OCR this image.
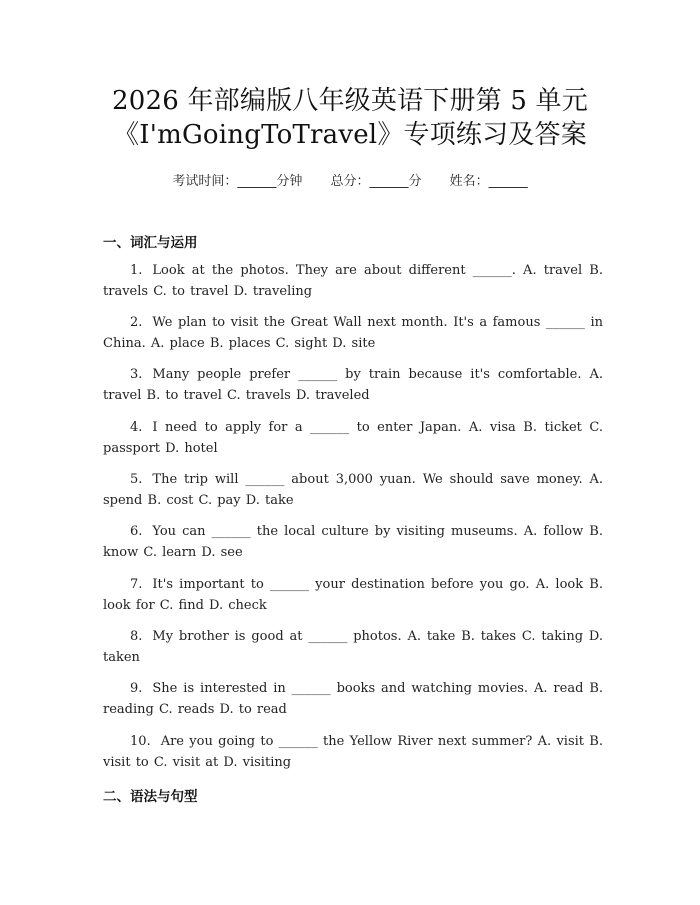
2026 年部编版八年级英语下册第 5 单元
《I'mGoingToTravel》专项练习及答案
考试时间：______分钟 总分：______分 姓名：______
一、词汇与运用
1. Look at the photos. They are about different ______. A. travel B. travels C. to travel D. traveling
2. We plan to visit the Great Wall next month. It's a famous ______ in China. A. place B. places C. sight D. site
3. Many people prefer ______ by train because it's comfortable. A. travel B. to travel C. travels D. traveled
4. I need to apply for a ______ to enter Japan. A. visa B. ticket C. passport D. hotel
5. The trip will ______ about 3,000 yuan. We should save money. A. spend B. cost C. pay D. take
6. You can ______ the local culture by visiting museums. A. follow B. know C. learn D. see
7. It's important to ______ your destination before you go. A. look B. look for C. find D. check
8. My brother is good at ______ photos. A. take B. takes C. taking D. taken
9. She is interested in ______ books and watching movies. A. read B. reading C. reads D. to read
10. Are you going to ______ the Yellow River next summer? A. visit B. visit to C. visit at D. visiting
二、语法与句型
